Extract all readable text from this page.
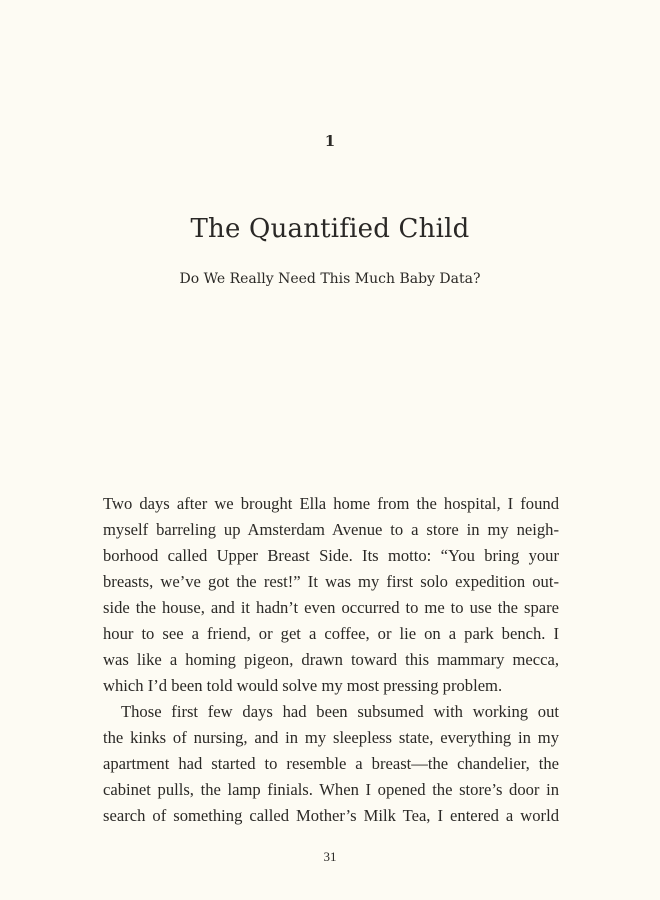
1
The Quantified Child
Do We Really Need This Much Baby Data?
Two days after we brought Ella home from the hospital, I found
myself barreling up Amsterdam Avenue to a store in my neigh-
borhood called Upper Breast Side. Its motto: “You bring your
breasts, we’ve got the rest!” It was my first solo expedition out-
side the house, and it hadn’t even occurred to me to use the spare
hour to see a friend, or get a coffee, or lie on a park bench. I
was like a homing pigeon, drawn toward this mammary mecca,
which I’d been told would solve my most pressing problem.
Those first few days had been subsumed with working out
the kinks of nursing, and in my sleepless state, everything in my
apartment had started to resemble a breast—the chandelier, the
cabinet pulls, the lamp finials. When I opened the store’s door in
search of something called Mother’s Milk Tea, I entered a world
31
